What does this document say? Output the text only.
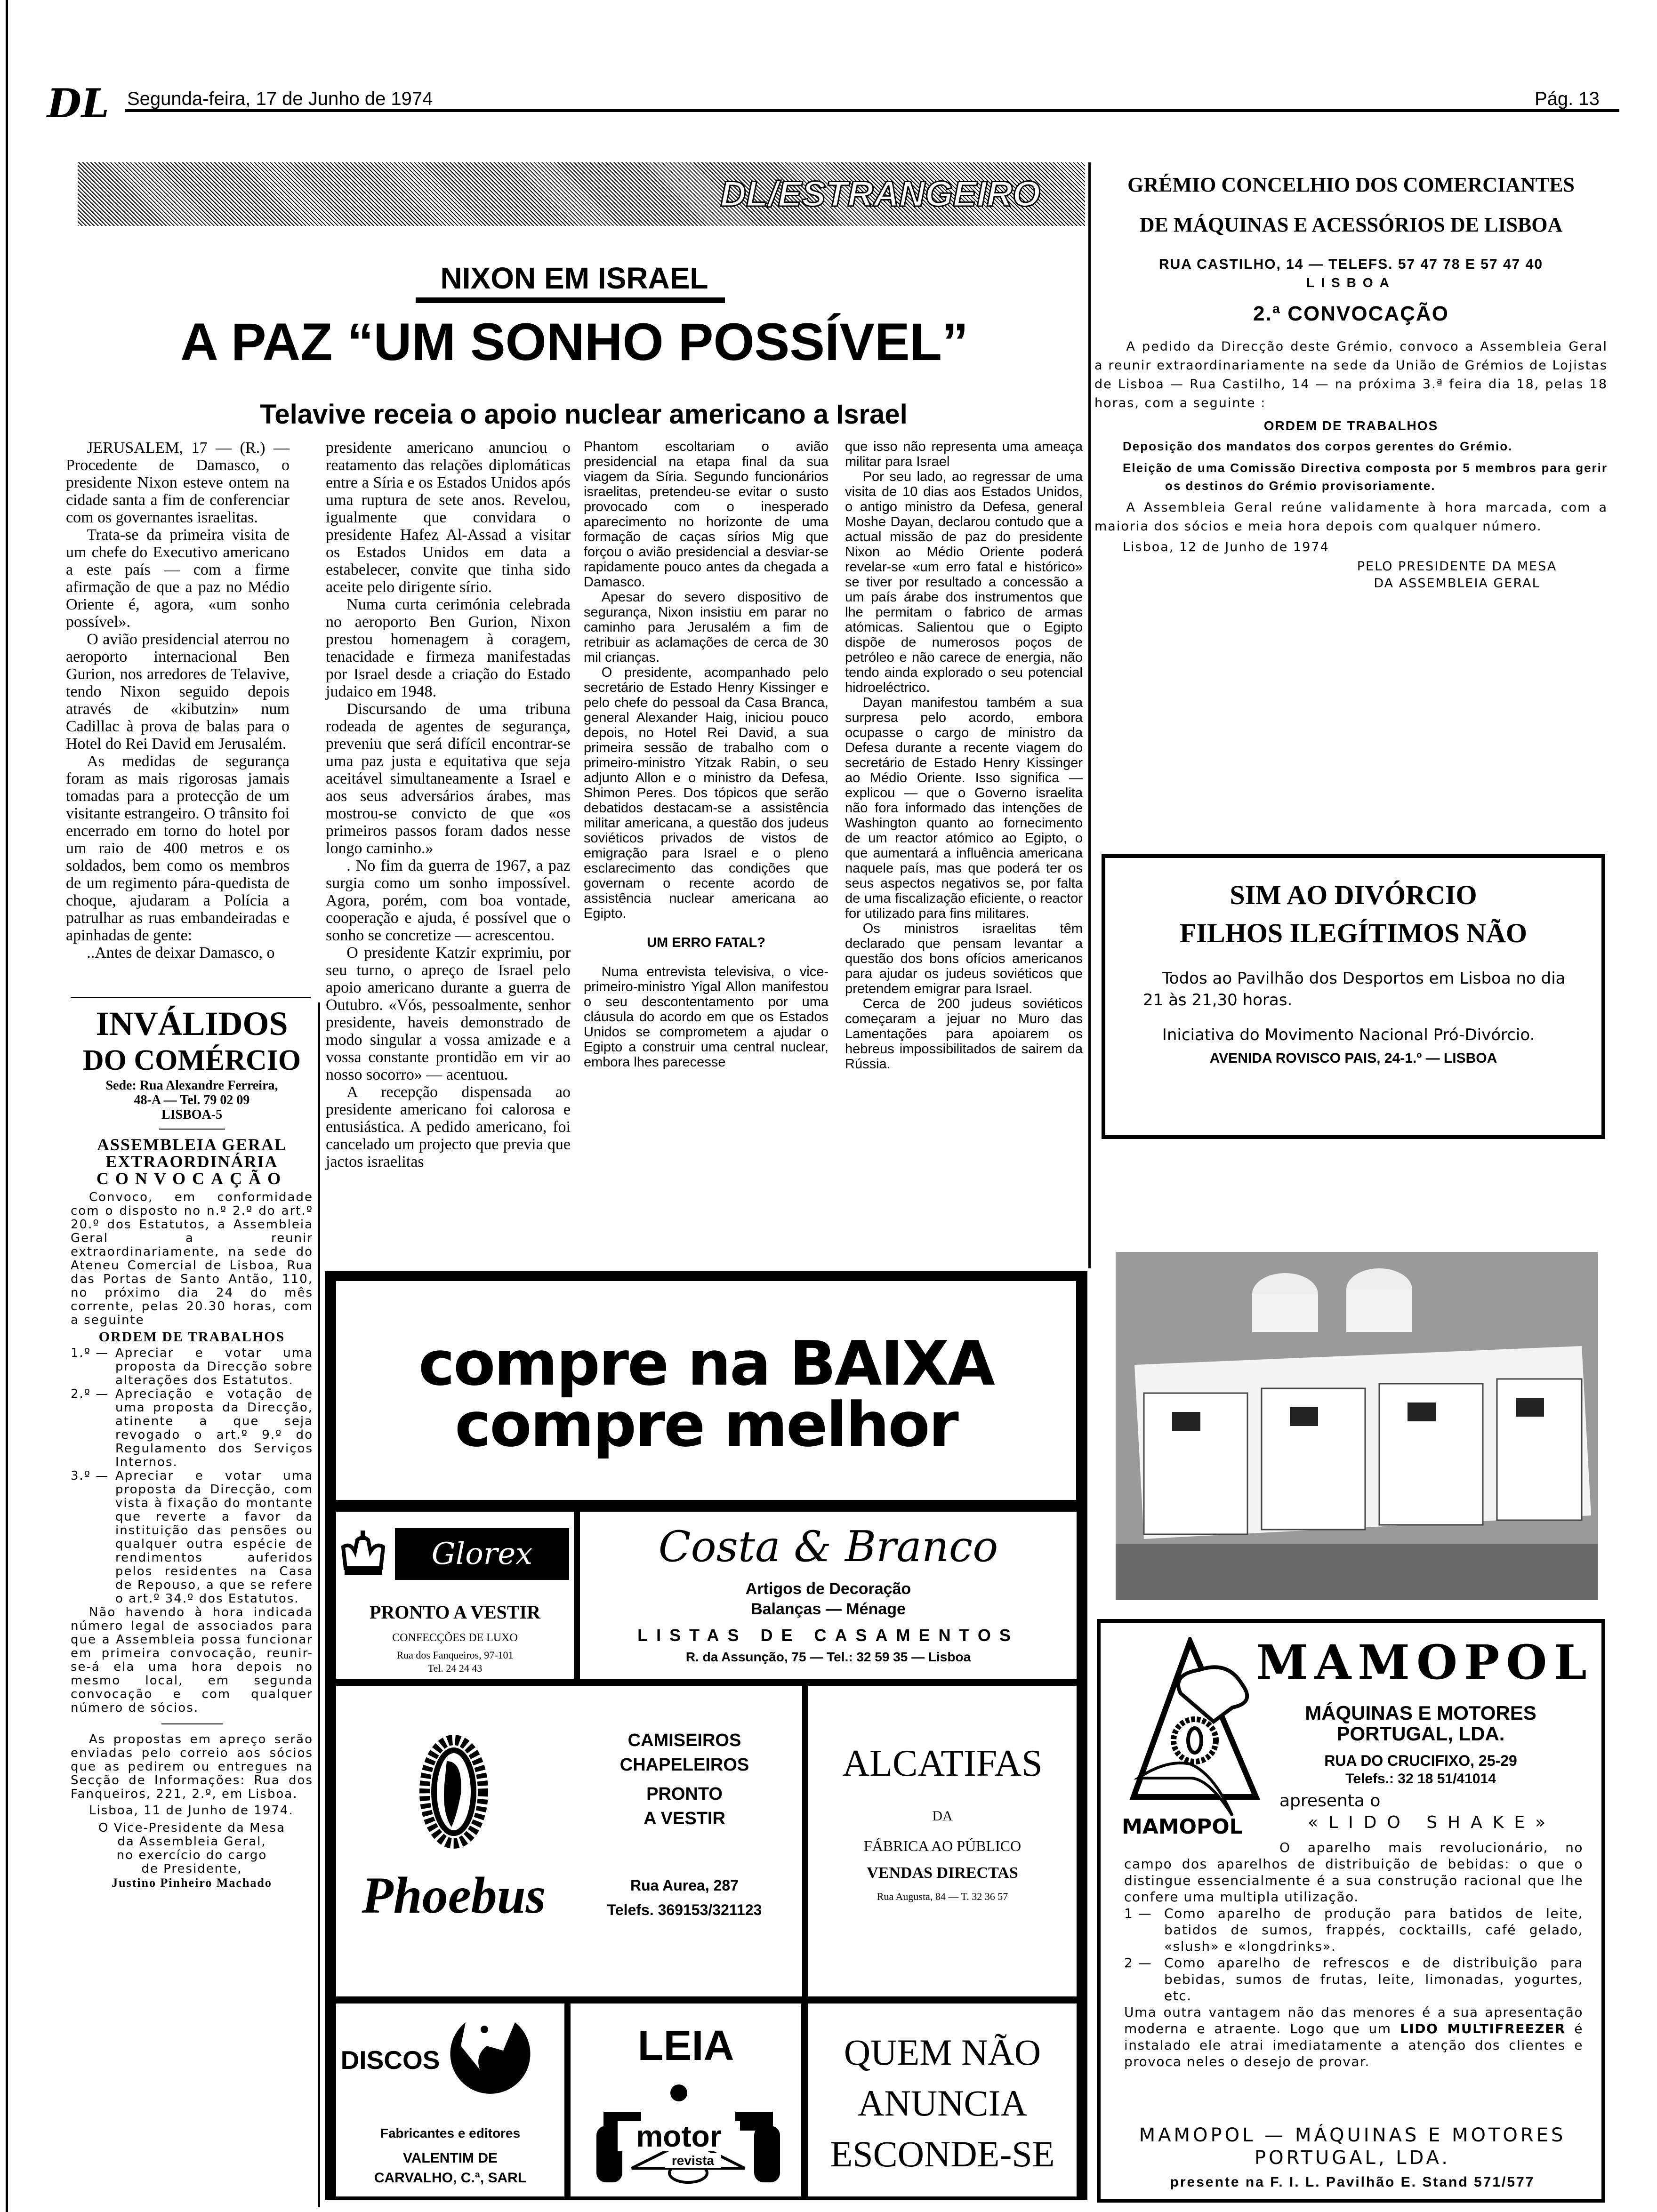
DL Segunda-feira, 17 de Junho de 1974	Pág. 13
DL/ESTRANGEIRO
NIXON EM ISRAEL
A PAZ “UM SONHO POSSÍVEL”
Telavive receia o apoio nuclear americano a Israel

JERUSALEM, 17 — (R.) — Procedente de Damasco, o presidente Nixon esteve ontem na cidade santa a fim de conferenciar com os governantes israelitas.

Trata-se da primeira visita de um chefe do Executivo americano a este país — com a firme afirmação de que a paz no Médio Oriente é, agora, «um sonho possível».

O avião presidencial aterrou no aeroporto internacional Ben Gurion, nos arredores de Telavive, tendo Nixon seguido depois através de «kibutzin» num Cadillac à prova de balas para o Hotel do Rei David em Jerusalém.

As medidas de segurança foram as mais rigorosas jamais tomadas para a protecção de um visitante estrangeiro. O trânsito foi encerrado em torno do hotel por um raio de 400 metros e os soldados, bem como os membros de um regimento pára-quedista de choque, ajudaram a Polícia a patrulhar as ruas embandeiradas e apinhadas de gente:

..Antes de deixar Damasco, o

presidente americano anunciou o reatamento das relações diplomáticas entre a Síria e os Estados Unidos após uma ruptura de sete anos. Revelou, igualmente que convidara o presidente Hafez Al-Assad a visitar os Estados Unidos em data a estabelecer, convite que tinha sido aceite pelo dirigente sírio.

Numa curta cerimónia celebrada no aeroporto Ben Gurion, Nixon prestou homenagem à coragem, tenacidade e firmeza manifestadas por Israel desde a criação do Estado judaico em 1948.

Discursando de uma tribuna rodeada de agentes de segurança, preveniu que será difícil encontrar-se uma paz justa e equitativa que seja aceitável simultaneamente a Israel e aos seus adversários árabes, mas mostrou-se convicto de que «os primeiros passos foram dados nesse longo caminho.»

. No fim da guerra de 1967, a paz surgia como um sonho impossível. Agora, porém, com boa vontade, cooperação e ajuda, é possível que o sonho se concretize — acrescentou.

O presidente Katzir exprimiu, por seu turno, o apreço de Israel pelo apoio americano durante a guerra de Outubro. «Vós, pessoalmente, senhor presidente, haveis demonstrado de modo singular a vossa amizade e a vossa constante prontidão em vir ao nosso socorro» — acentuou.

A recepção dispensada ao presidente americano foi calorosa e entusiástica. A pedido americano, foi cancelado um projecto que previa que jactos israelitas

Phantom escoltariam o avião presidencial na etapa final da sua viagem da Síria. Segundo funcionários israelitas, pretendeu-se evitar o susto provocado com o inesperado aparecimento no horizonte de uma formação de caças sírios Mig que forçou o avião presidencial a desviar-se rapidamente pouco antes da chegada a Damasco.

Apesar do severo dispositivo de segurança, Nixon insistiu em parar no caminho para Jerusalém a fim de retribuir as aclamações de cerca de 30 mil crianças.

O presidente, acompanhado pelo secretário de Estado Henry Kissinger e pelo chefe do pessoal da Casa Branca, general Alexander Haig, iniciou pouco depois, no Hotel Rei David, a sua primeira sessão de trabalho com o primeiro-ministro Yitzak Rabin, o seu adjunto Allon e o ministro da Defesa, Shimon Peres. Dos tópicos que serão debatidos destacam-se a assistência militar americana, a questão dos judeus soviéticos privados de vistos de emigração para Israel e o pleno esclarecimento das condições que governam o recente acordo de assistência nuclear americana ao Egipto.

UM ERRO FATAL?

Numa entrevista televisiva, o vice-primeiro-ministro Yigal Allon manifestou o seu descontentamento por uma cláusula do acordo em que os Estados Unidos se comprometem a ajudar o Egipto a construir uma central nuclear, embora lhes parecesse

que isso não representa uma ameaça militar para Israel

Por seu lado, ao regressar de uma visita de 10 dias aos Estados Unidos, o antigo ministro da Defesa, general Moshe Dayan, declarou contudo que a actual missão de paz do presidente Nixon ao Médio Oriente poderá revelar-se «um erro fatal e histórico» se tiver por resultado a concessão a um país árabe dos instrumentos que lhe permitam o fabrico de armas atómicas. Salientou que o Egipto dispõe de numerosos poços de petróleo e não carece de energia, não tendo ainda explorado o seu potencial hidroeléctrico.

Dayan manifestou também a sua surpresa pelo acordo, embora ocupasse o cargo de ministro da Defesa durante a recente viagem do secretário de Estado Henry Kissinger ao Médio Oriente. Isso significa — explicou — que o Governo israelita não fora informado das intenções de Washington quanto ao fornecimento de um reactor atómico ao Egipto, o que aumentará a influência americana naquele país, mas que poderá ter os seus aspectos negativos se, por falta de uma fiscalização eficiente, o reactor for utilizado para fins militares.

Os ministros israelitas têm declarado que pensam levantar a questão dos bons ofícios americanos para ajudar os judeus soviéticos que pretendem emigrar para Israel.

Cerca de 200 judeus soviéticos começaram a jejuar no Muro das Lamentações para apoiarem os hebreus impossibilitados de sairem da Rússia.

INVÁLIDOS
DO COMÉRCIO
Sede: Rua Alexandre Ferreira,
48-A — Tel. 79 02 09
LISBOA-5
ASSEMBLEIA GERAL
EXTRAORDINÁRIA
CONVOCAÇÃO

Convoco, em conformidade com o disposto no n.º 2.º do art.º 20.º dos Estatutos, a Assembleia Geral a reunir extraordinariamente, na sede do Ateneu Comercial de Lisboa, Rua das Portas de Santo Antão, 110, no próximo dia 24 do mês corrente, pelas 20.30 horas, com a seguinte

ORDEM DE TRABALHOS
1.º — Apreciar e votar uma proposta da Direcção sobre alterações dos Estatutos.
2.º — Apreciação e votação de uma proposta da Direcção, atinente a que seja revogado o art.º 9.º do Regulamento dos Serviços Internos.
3.º — Apreciar e votar uma proposta da Direcção, com vista à fixação do montante que reverte a favor da instituição das pensões ou qualquer outra espécie de rendimentos auferidos pelos residentes na Casa de Repouso, a que se refere o art.º 34.º dos Estatutos.

Não havendo à hora indicada número legal de associados para que a Assembleia possa funcionar em primeira convocação, reunir-se-á ela uma hora depois no mesmo local, em segunda convocação e com qualquer número de sócios.

As propostas em apreço serão enviadas pelo correio aos sócios que as pedirem ou entregues na Secção de Informações: Rua dos Fanqueiros, 221, 2.º, em Lisboa.

Lisboa, 11 de Junho de 1974.

O Vice-Presidente da Mesa
da Assembleia Geral,
no exercício do cargo
de Presidente,
Justino Pinheiro Machado
compre na BAIXA
compre melhor
Glorex
PRONTO A VESTIR
CONFECÇÕES DE LUXO
Rua dos Fanqueiros, 97-101
Tel. 24 24 43
Costa & Branco
Artigos de Decoração
Balanças — Ménage
LISTAS DE CASAMENTOS
R. da Assunção, 75 — Tel.: 32 59 35 — Lisboa
Phoebus
CAMISEIROS
CHAPELEIROS
PRONTO
A VESTIR
Rua Aurea, 287
Telefs. 369153/321123
ALCATIFAS
DA
FÁBRICA AO PÚBLICO
VENDAS DIRECTAS
Rua Augusta, 84 — T. 32 36 57
DISCOS
Fabricantes e editores
VALENTIM DE
CARVALHO, C.ª, SARL
LEIA
motor
revista
QUEM NÃO
ANUNCIA
ESCONDE-SE
GRÉMIO CONCELHIO DOS COMERCIANTES
DE MÁQUINAS E ACESSÓRIOS DE LISBOA
RUA CASTILHO, 14 — TELEFS. 57 47 78 E 57 47 40
LISBOA
2.ª CONVOCAÇÃO

A pedido da Direcção deste Grémio, convoco a Assembleia Geral a reunir extraordinariamente na sede da União de Grémios de Lojistas de Lisboa — Rua Castilho, 14 — na próxima 3.ª feira dia 18, pelas 18 horas, com a seguinte :

ORDEM DE TRABALHOS

Deposição dos mandatos dos corpos gerentes do Grémio.

Eleição de uma Comissão Directiva composta por 5 membros para gerir os destinos do Grémio provisoriamente.

A Assembleia Geral reúne validamente à hora marcada, com a maioria dos sócios e meia hora depois com qualquer número.

Lisboa, 12 de Junho de 1974

PELO PRESIDENTE DA MESA
DA ASSEMBLEIA GERAL
SIM AO DIVÓRCIO
FILHOS ILEGÍTIMOS NÃO

Todos ao Pavilhão dos Desportos em Lisboa no dia 21 às 21,30 horas.

Iniciativa do Movimento Nacional Pró-Divórcio.

AVENIDA ROVISCO PAIS, 24-1.º — LISBOA
MAMOPOL
MAMOPOL
MÁQUINAS E MOTORES
PORTUGAL, LDA.
RUA DO CRUCIFIXO, 25-29
Telefs.: 32 18 51/41014
apresenta o
«LIDO SHAKE»

O aparelho mais revolucionário, no campo dos aparelhos de distribuição de bebidas: o que o distingue essencialmente é a sua construção racional que lhe confere uma multipla utilização.

1 — Como aparelho de produção para batidos de leite, batidos de sumos, frappés, cocktaills, café gelado, «slush» e «longdrinks».
2 — Como aparelho de refrescos e de distribuição para bebidas, sumos de frutas, leite, limonadas, yogurtes, etc.

Uma outra vantagem não das menores é a sua apresentação moderna e atraente. Logo que um LIDO MULTIFREEZER é instalado ele atrai imediatamente a atenção dos clientes e provoca neles o desejo de provar.

MAMOPOL — MÁQUINAS E MOTORES
PORTUGAL, LDA.
presente na F. I. L. Pavilhão E. Stand 571/577
